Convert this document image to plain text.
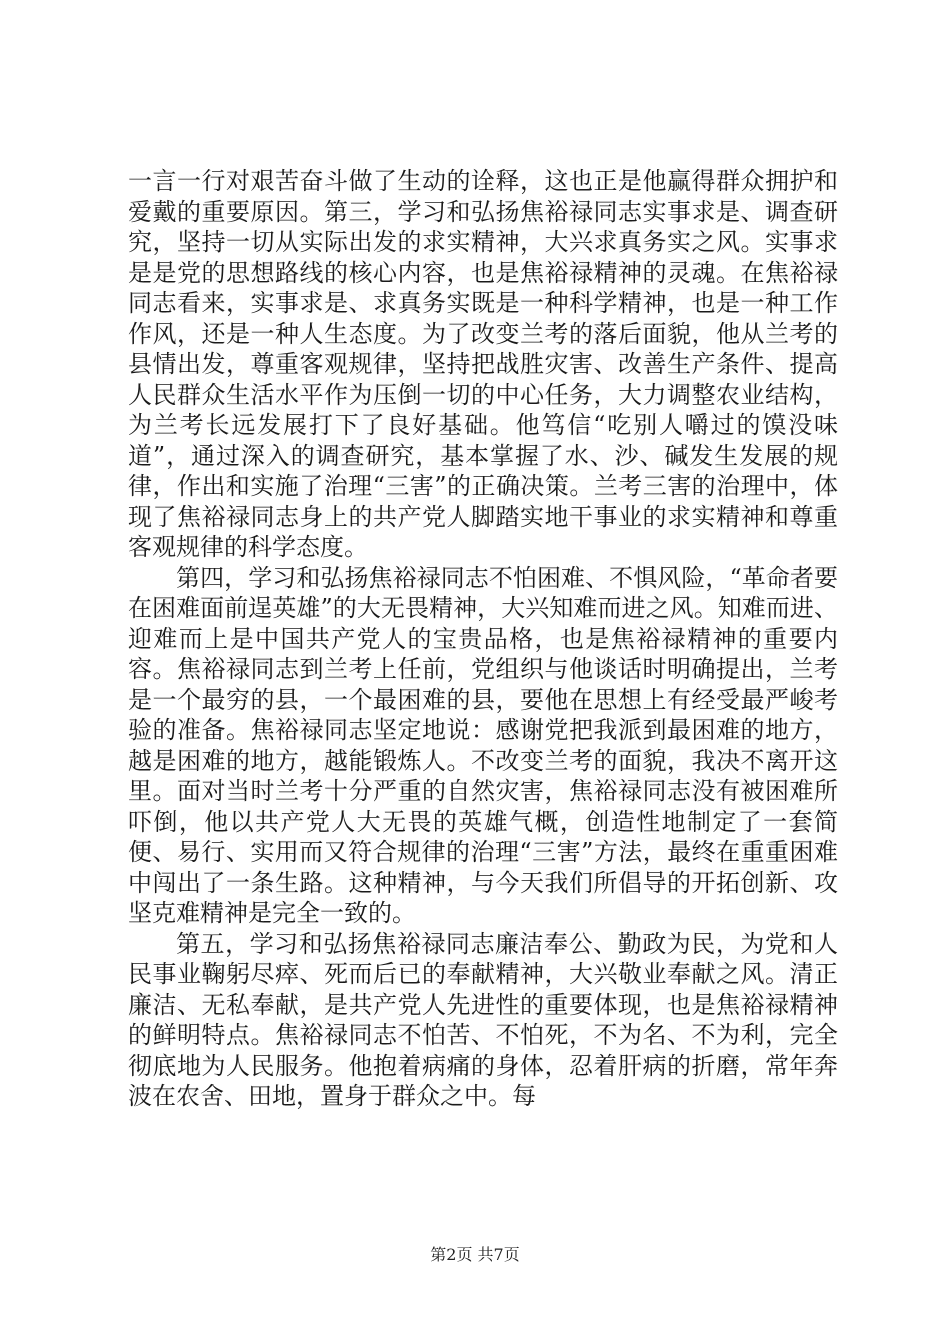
一言一行对艰苦奋斗做了生动的诠释，这也正是他赢得群众拥护和爱戴的重要原因。第三，学习和弘扬焦裕禄同志实事求是、调查研究，坚持一切从实际出发的求实精神，大兴求真务实之风。实事求是是党的思想路线的核心内容，也是焦裕禄精神的灵魂。在焦裕禄同志看来，实事求是、求真务实既是一种科学精神，也是一种工作作风，还是一种人生态度。为了改变兰考的落后面貌，他从兰考的县情出发，尊重客观规律，坚持把战胜灾害、改善生产条件、提高人民群众生活水平作为压倒一切的中心任务，大力调整农业结构，为兰考长远发展打下了良好基础。他笃信“吃别人嚼过的馍没味道”，通过深入的调查研究，基本掌握了水、沙、碱发生发展的规律，作出和实施了治理“三害”的正确决策。兰考三害的治理中，体现了焦裕禄同志身上的共产党人脚踏实地干事业的求实精神和尊重客观规律的科学态度。

第四，学习和弘扬焦裕禄同志不怕困难、不惧风险，“革命者要在困难面前逞英雄”的大无畏精神，大兴知难而进之风。知难而进、迎难而上是中国共产党人的宝贵品格，也是焦裕禄精神的重要内容。焦裕禄同志到兰考上任前，党组织与他谈话时明确提出，兰考是一个最穷的县，一个最困难的县，要他在思想上有经受最严峻考验的准备。焦裕禄同志坚定地说：感谢党把我派到最困难的地方，越是困难的地方，越能锻炼人。不改变兰考的面貌，我决不离开这里。面对当时兰考十分严重的自然灾害，焦裕禄同志没有被困难所吓倒，他以共产党人大无畏的英雄气概，创造性地制定了一套简便、易行、实用而又符合规律的治理“三害”方法，最终在重重困难中闯出了一条生路。这种精神，与今天我们所倡导的开拓创新、攻坚克难精神是完全一致的。

第五，学习和弘扬焦裕禄同志廉洁奉公、勤政为民，为党和人民事业鞠躬尽瘁、死而后已的奉献精神，大兴敬业奉献之风。清正廉洁、无私奉献，是共产党人先进性的重要体现，也是焦裕禄精神的鲜明特点。焦裕禄同志不怕苦、不怕死，不为名、不为利，完全彻底地为人民服务。他抱着病痛的身体，忍着肝病的折磨，常年奔波在农舍、田地，置身于群众之中。每

第2页 共7页
